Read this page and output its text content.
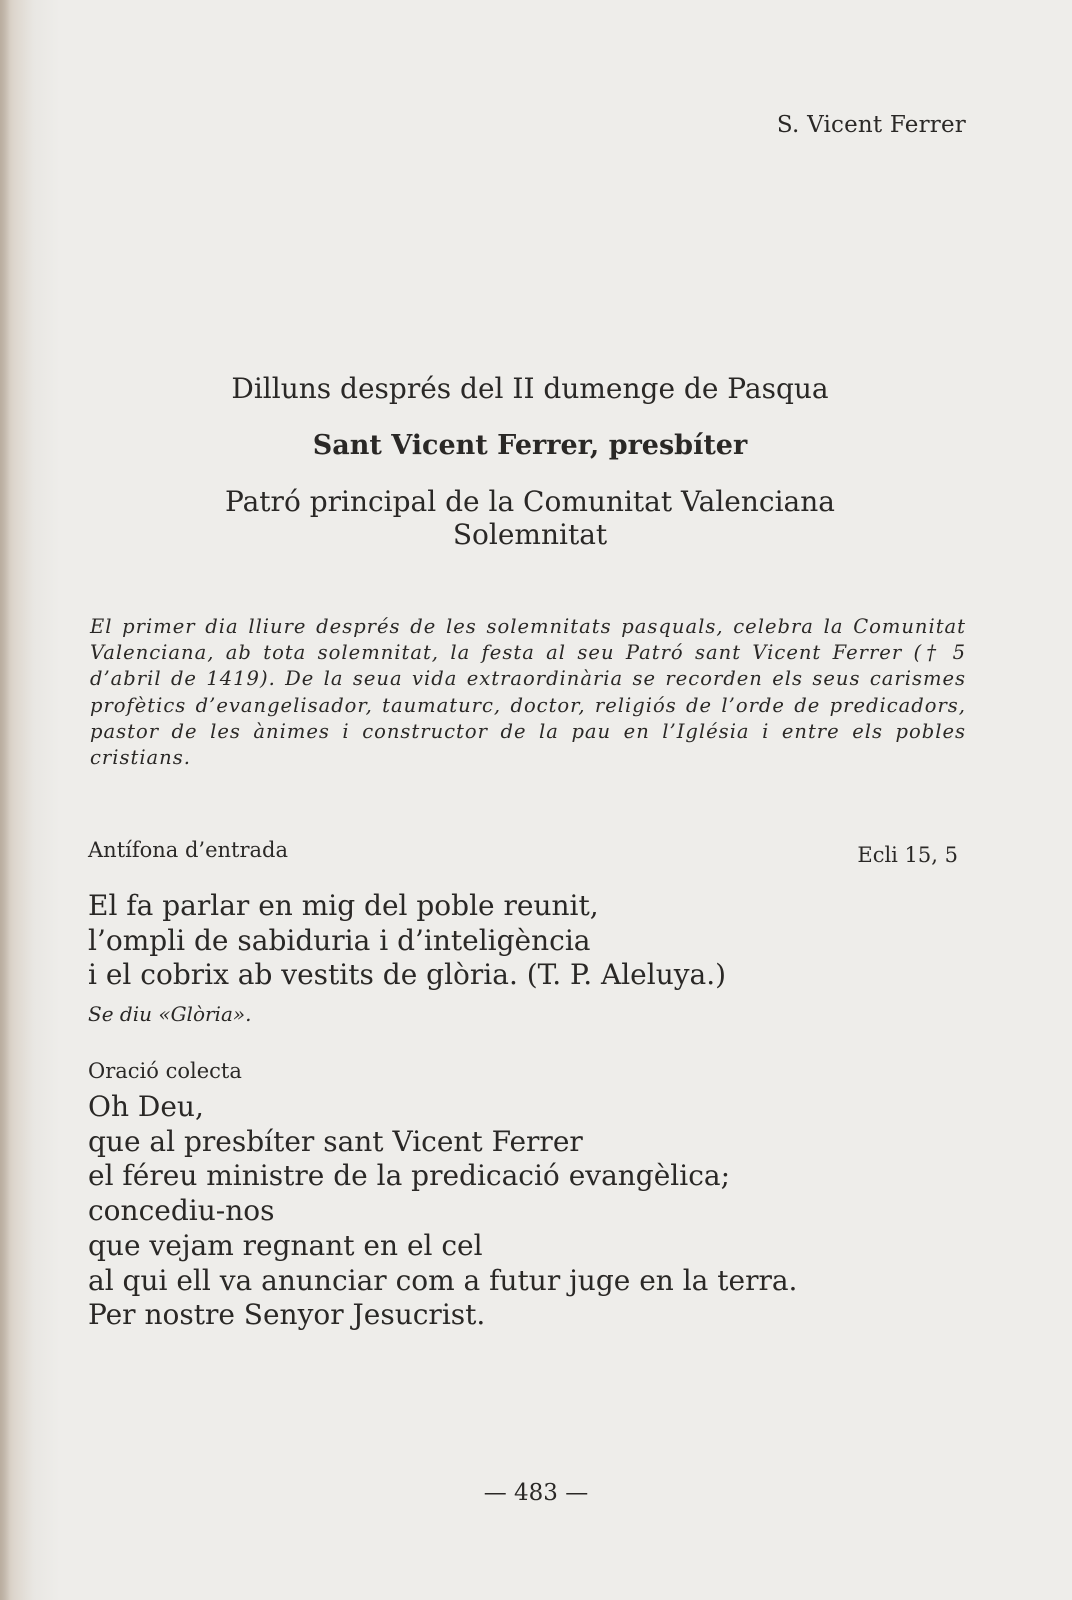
S. Vicent Ferrer
Dilluns després del II dumenge de Pasqua
Sant Vicent Ferrer, presbíter
Patró principal de la Comunitat Valenciana
Solemnitat
El primer dia lliure després de les solemnitats pasquals, celebra la Comunitat Valenciana, ab tota solemnitat, la festa al seu Patró sant Vicent Ferrer († 5 d’abril de 1419). De la seua vida extraordinària se recorden els seus carismes profètics d’evangelisador, taumaturc, doctor, religiós de l’orde de predicadors, pastor de les ànimes i constructor de la pau en l’Iglésia i entre els pobles cristians.
Antífona d’entrada	Ecli 15, 5
El fa parlar en mig del poble reunit,
l’ompli de sabiduria i d’inteligència
i el cobrix ab vestits de glòria. (T. P. Aleluya.)
Se diu «Glòria».
Oració colecta
Oh Deu,
que al presbíter sant Vicent Ferrer
el féreu ministre de la predicació evangèlica;
concediu-nos
que vejam regnant en el cel
al qui ell va anunciar com a futur juge en la terra.
Per nostre Senyor Jesucrist.
— 483 —
